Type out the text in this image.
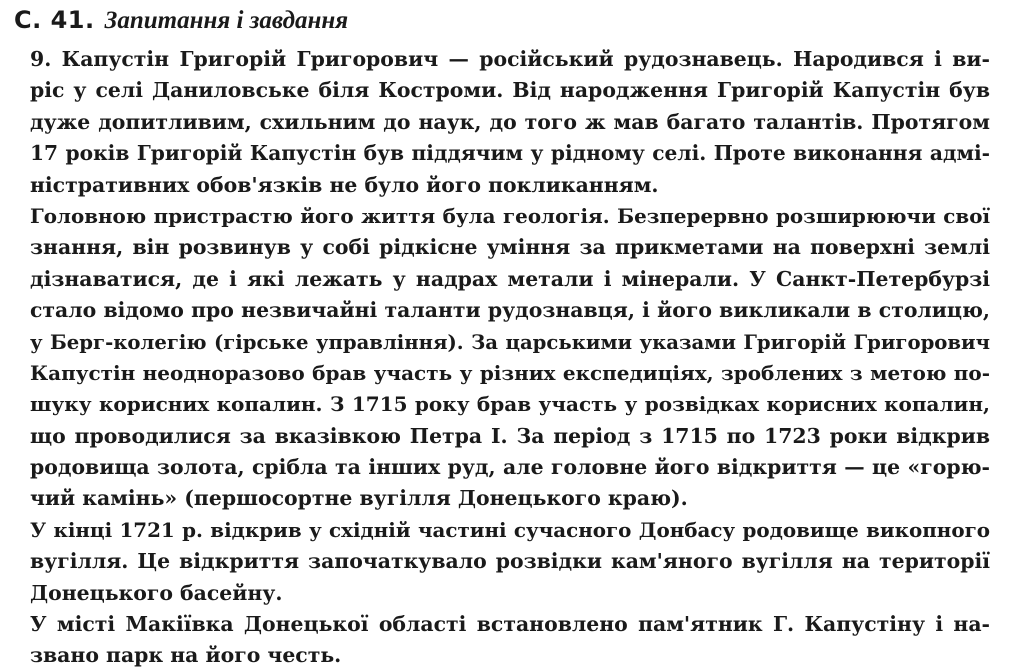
С. 41. Запитання і завдання
9. Капустін Григорій Григорович — російський рудознавець. Народився і ви-
ріс у селі Даниловське біля Костроми. Від народження Григорій Капустін був
дуже допитливим, схильним до наук, до того ж мав багато талантів. Протягом
17 років Григорій Капустін був піддячим у рідному селі. Проте виконання адмі-
ністративних обов'язків не було його покликанням.
Головною пристрастю його життя була геологія. Безперервно розширюючи свої
знання, він розвинув у собі рідкісне уміння за прикметами на поверхні землі
дізнаватися, де і які лежать у надрах метали і мінерали. У Санкт-Петербурзі
стало відомо про незвичайні таланти рудознавця, і його викликали в столицю,
у Берг-колегію (гірське управління). За царськими указами Григорій Григорович
Капустін неодноразово брав участь у різних експедиціях, зроблених з метою по-
шуку корисних копалин. З 1715 року брав участь у розвідках корисних копалин,
що проводилися за вказівкою Петра І. За період з 1715 по 1723 роки відкрив
родовища золота, срібла та інших руд, але головне його відкриття — це «горю-
чий камінь» (першосортне вугілля Донецького краю).
У кінці 1721 р. відкрив у східній частині сучасного Донбасу родовище викопного
вугілля. Це відкриття започаткувало розвідки кам'яного вугілля на території
Донецького басейну.
У місті Макіївка Донецької області встановлено пам'ятник Г. Капустіну і на-
звано парк на його честь.
